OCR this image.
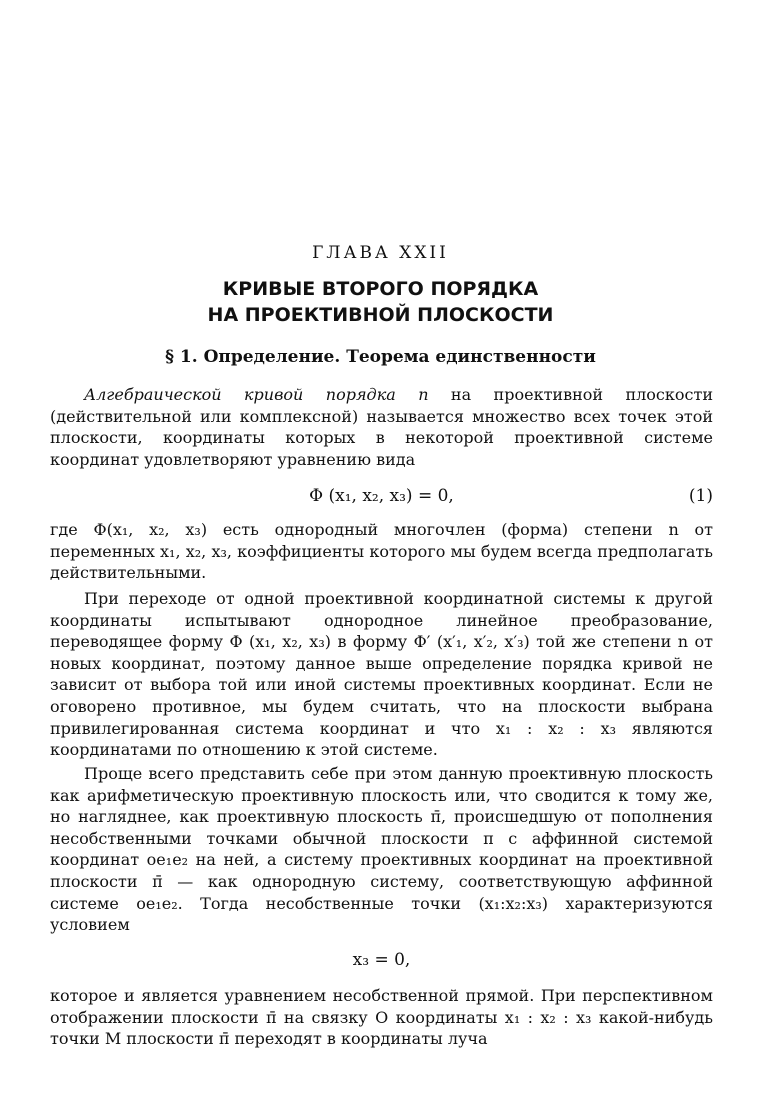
ГЛАВА XXII
КРИВЫЕ ВТОРОГО ПОРЯДКА
НА ПРОЕКТИВНОЙ ПЛОСКОСТИ
§ 1. Определение. Теорема единственности
Алгебраической кривой порядка n на проективной плоскости (действительной или комплексной) называется множество всех точек этой плоскости, координаты которых в некоторой проективной системе координат удовлетворяют уравнению вида
Φ (x₁, x₂, x₃) = 0,	(1)
где Φ(x₁, x₂, x₃) есть однородный многочлен (форма) степени n от переменных x₁, x₂, x₃, коэффициенты которого мы будем всегда предполагать действительными.
При переходе от одной проективной координатной системы к другой координаты испытывают однородное линейное преобразование, переводящее форму Φ (x₁, x₂, x₃) в форму Φ′ (x′₁, x′₂, x′₃) той же степени n от новых координат, поэтому данное выше определение порядка кривой не зависит от выбора той или иной системы проективных координат. Если не оговорено противное, мы будем считать, что на плоскости выбрана привилегированная система координат и что x₁ : x₂ : x₃ являются координатами по отношению к этой системе.
Проще всего представить себе при этом данную проективную плоскость как арифметическую проективную плоскость или, что сводится к тому же, но нагляднее, как проективную плоскость π̄, происшедшую от пополнения несобственными точками обычной плоскости π с аффинной системой координат oe₁e₂ на ней, а систему проективных координат на проективной плоскости π̄ — как однородную систему, соответствующую аффинной системе oe₁e₂. Тогда несобственные точки (x₁:x₂:x₃) характеризуются условием
x₃ = 0,
которое и является уравнением несобственной прямой. При перспективном отображении плоскости π̄ на связку O координаты x₁ : x₂ : x₃ какой-нибудь точки M плоскости π̄ переходят в координаты луча
